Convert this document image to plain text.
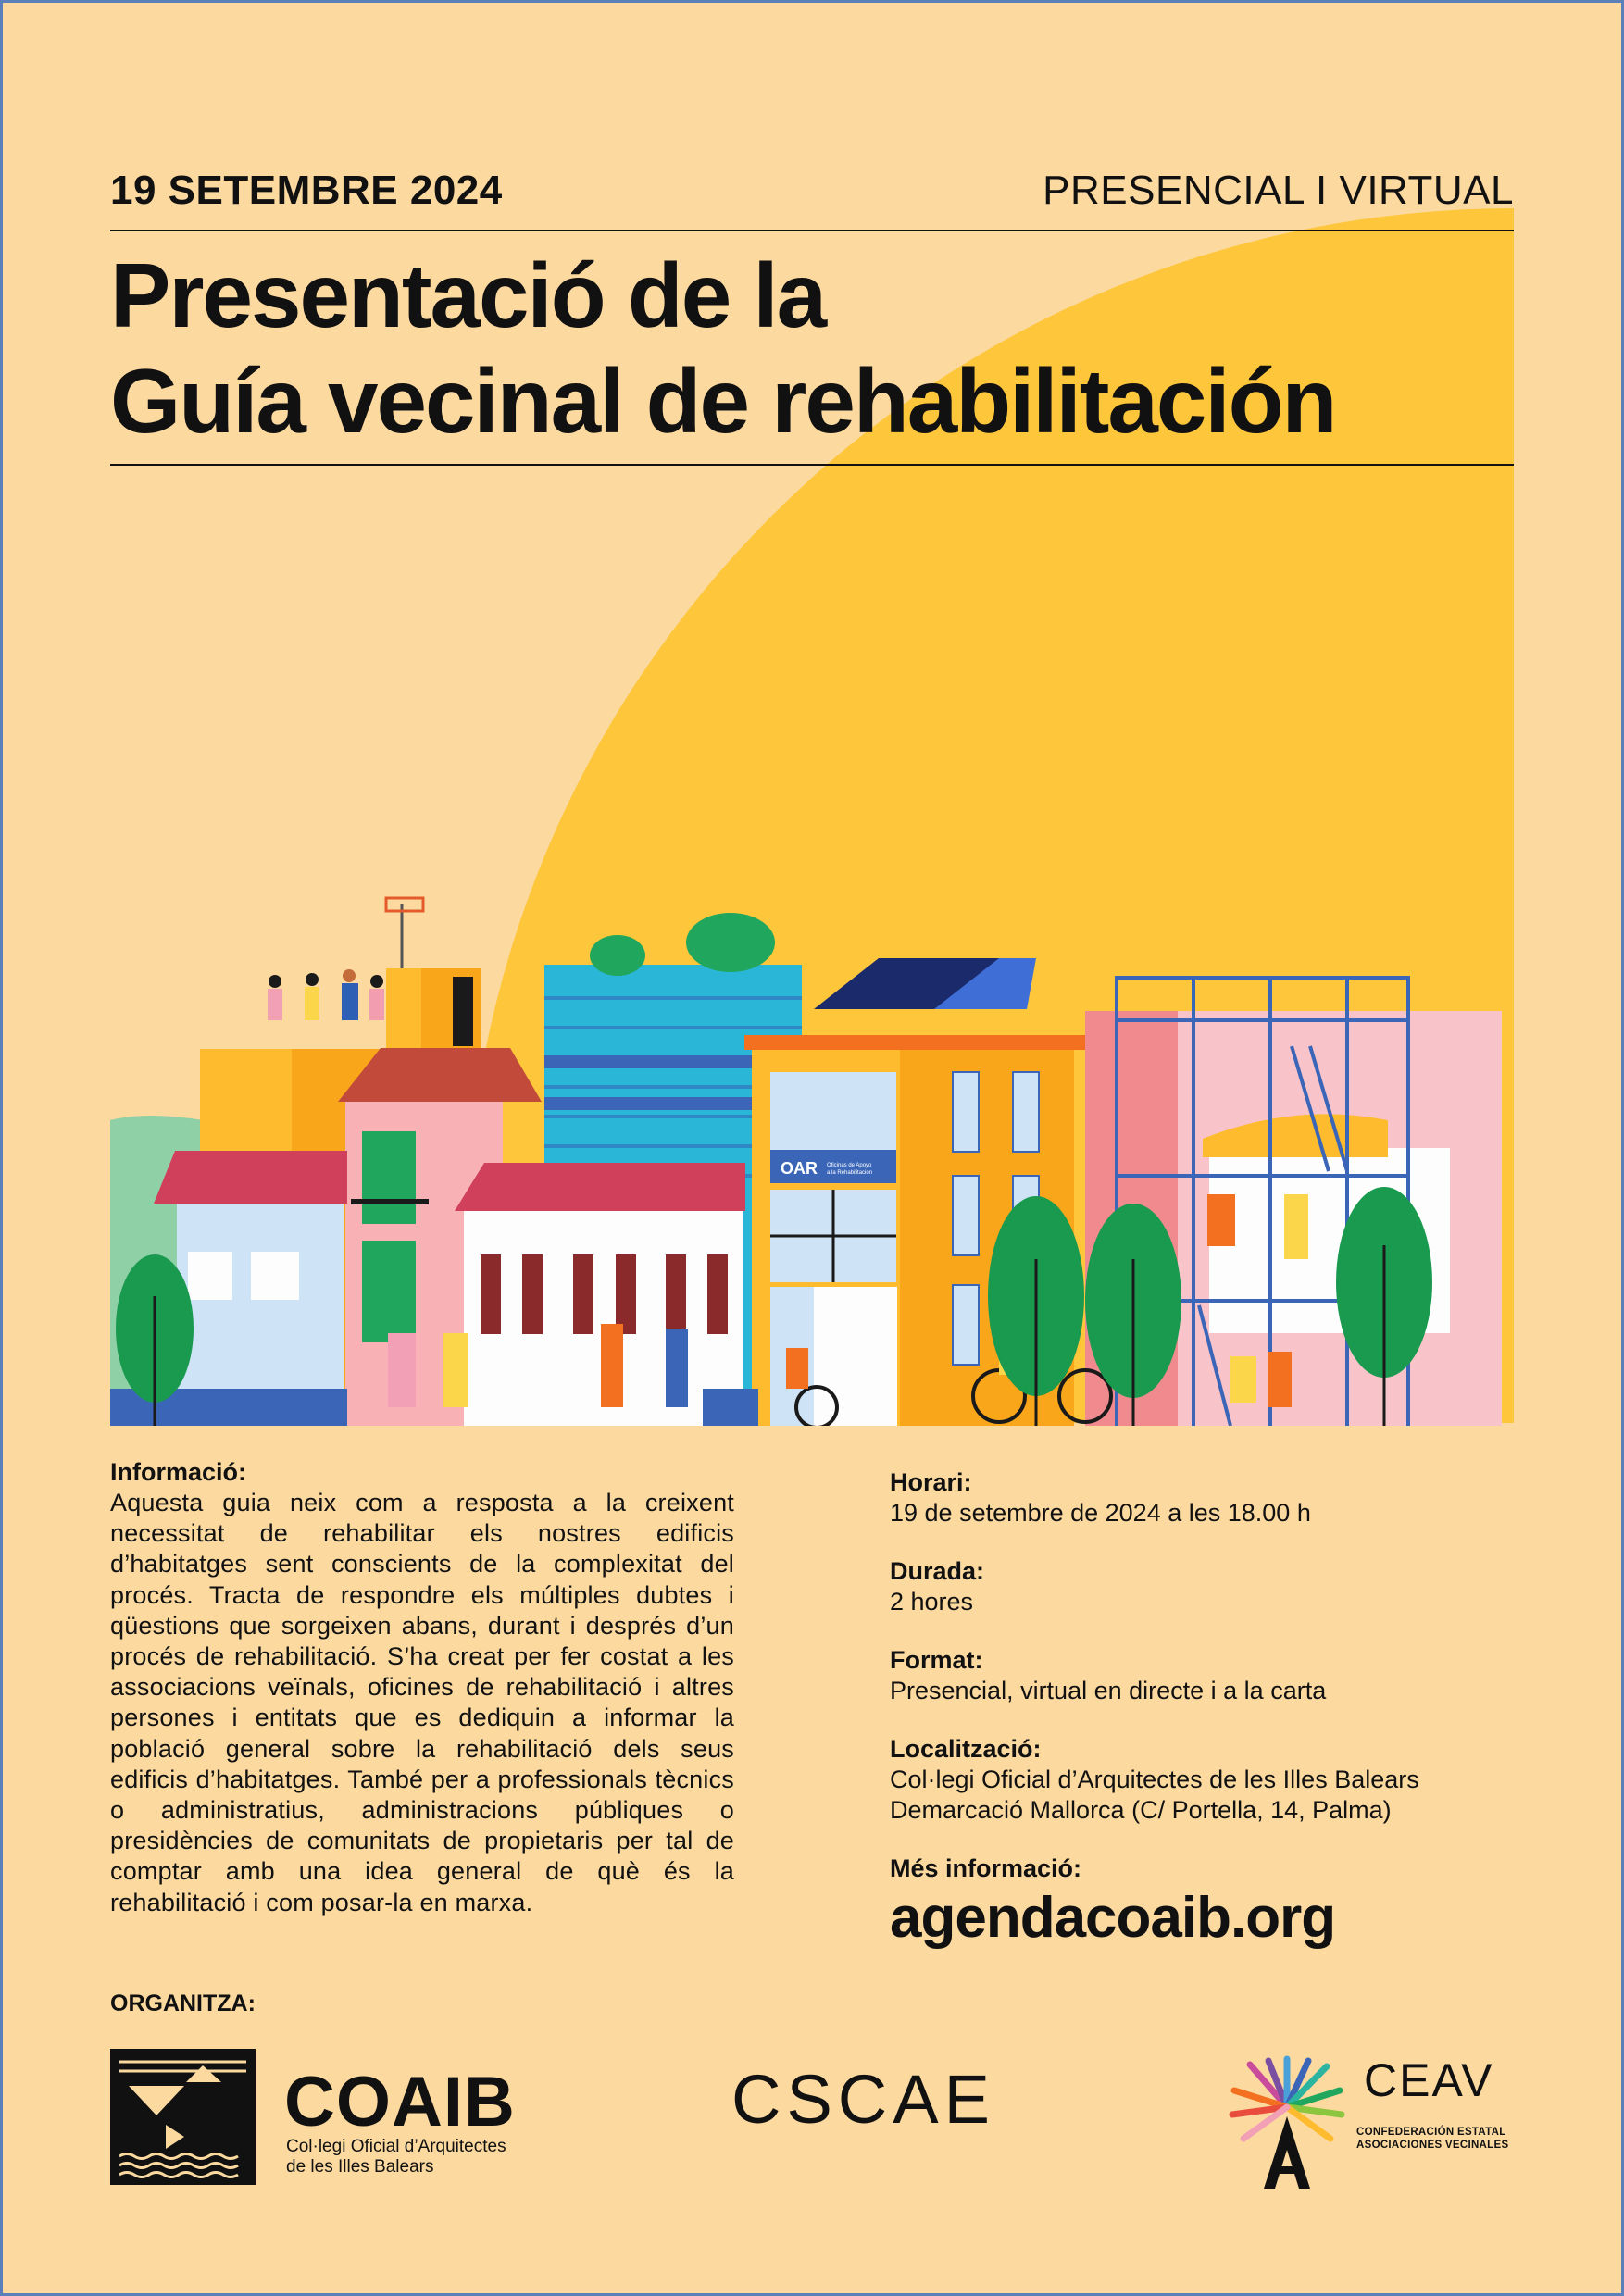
19 SETEMBRE 2024	PRESENCIAL I VIRTUAL
Presentació de la
Guía vecinal de rehabilitación
OAR Oficinas de Apoyo
a la Rehabilitación
Informació:
Aquesta guia neix com a resposta a la creixent necessitat de rehabilitar els nostres edificis d’habitatges sent conscients de la complexitat del procés. Tracta de respondre els múltiples dubtes i qüestions que sorgeixen abans, durant i després d’un procés de rehabilitació. S’ha creat per fer costat a les associacions veïnals, oficines de rehabilitació i altres persones i entitats que es dediquin a informar la població general sobre la rehabilitació dels seus edificis d’habitatges. També per a professionals tècnics o administratius, administracions públiques o presidències de comunitats de propietaris per tal de comptar amb una idea general de què és la rehabilitació i com posar-la en marxa.
Horari:
19 de setembre de 2024 a les 18.00 h
Durada:
2 hores
Format:
Presencial, virtual en directe i a la carta
Localització:
Col·legi Oficial d’Arquitectes de les Illes Balears
Demarcació Mallorca (C/ Portella, 14, Palma)
Més informació:
agendacoaib.org
ORGANITZA:
COAIB
Col·legi Oficial d’Arquitectes
de les Illes Balears
CSCAE	CEAV
CONFEDERACIÓN ESTATAL
ASOCIACIONES VECINALES
